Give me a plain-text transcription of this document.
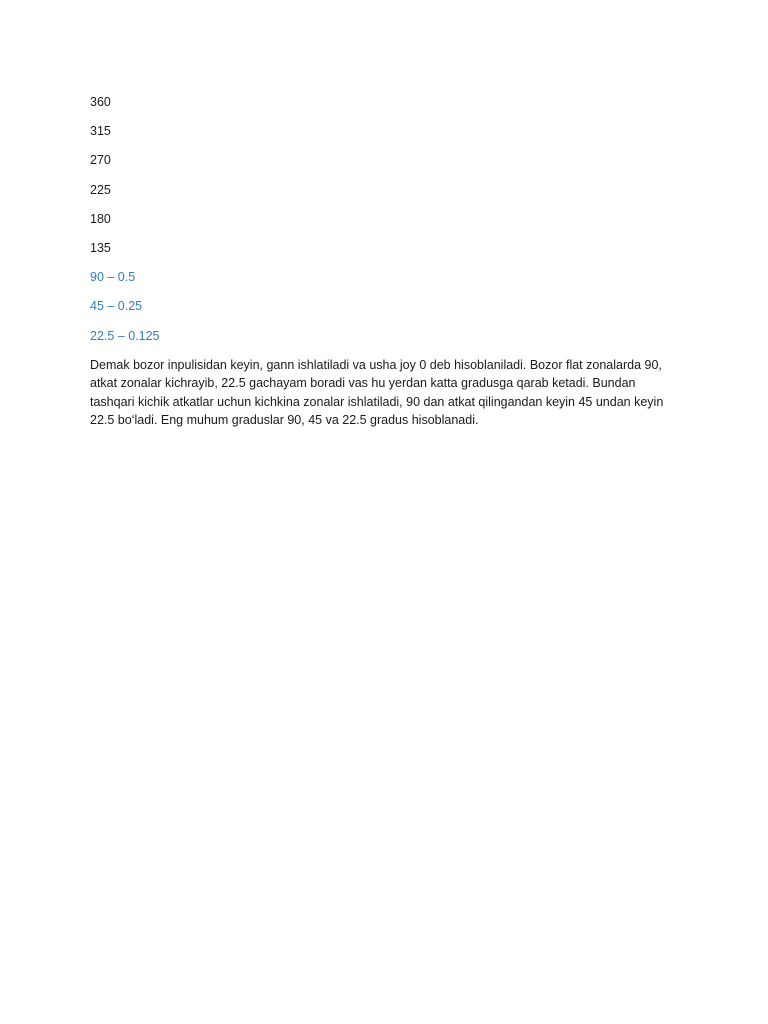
360
315
270
225
180
135
90 – 0.5
45 – 0.25
22.5 – 0.125
Demak bozor inpulisidan keyin, gann ishlatiladi va usha joy 0 deb hisoblaniladi. Bozor flat zonalarda 90, atkat zonalar kichrayib, 22.5 gachayam boradi vas hu yerdan katta gradusga qarab ketadi. Bundan tashqari kichik atkatlar uchun kichkina zonalar ishlatiladi, 90 dan atkat qilingandan keyin 45 undan keyin 22.5 bo‘ladi. Eng muhum graduslar 90, 45 va 22.5 gradus hisoblanadi.
